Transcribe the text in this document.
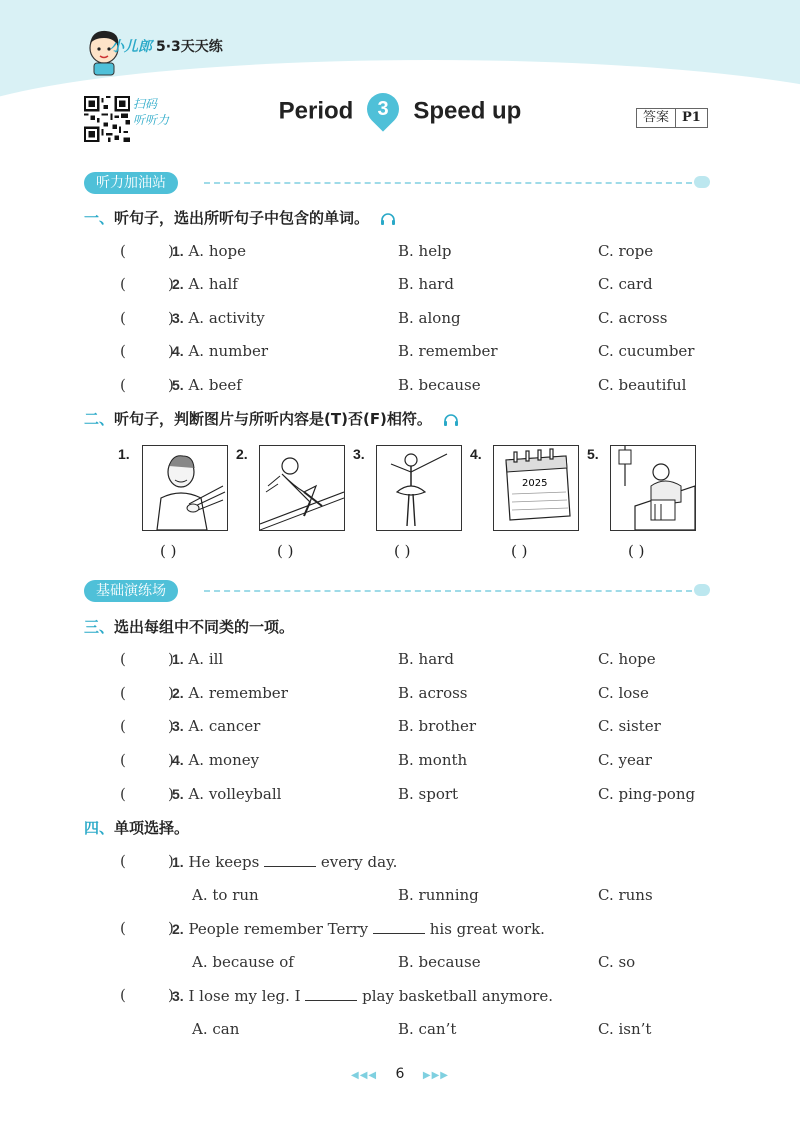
小儿郎 5·3天天练
扫码
听听力	Period	3	Speed up	答案	P1
听力加油站
一、听句子，选出所听句子中包含的单词。
(	)
1. A. hope	B. help	C. rope
(	)
2. A. half	B. hard	C. card
(	)
3. A. activity	B. along	C. across
(	)
4. A. number	B. remember	C. cucumber
(	)
5. A. beef	B. because	C. beautiful
二、听句子，判断图片与所听内容是(T)否(F)相符。
1.	2.	3.	4.
2025
5.
( )	( )	( )	( )	( )
基础演练场
三、选出每组中不同类的一项。
(	)
1. A. ill	B. hard	C. hope
(	)
2. A. remember	B. across	C. lose
(	)
3. A. cancer	B. brother	C. sister
(	)
4. A. money	B. month	C. year
(	)
5. A. volleyball	B. sport	C. ping-pong
四、单项选择。
(	)
1. He keeps	every day.
A. to run	B. running	C. runs
(	)
2. People remember Terry	his great work.
A. because of	B. because	C. so
(	)
3. I lose my leg. I	play basketball anymore.
A. can	B. can’t	C. isn’t
◀◀◀ 6 ▶▶▶
